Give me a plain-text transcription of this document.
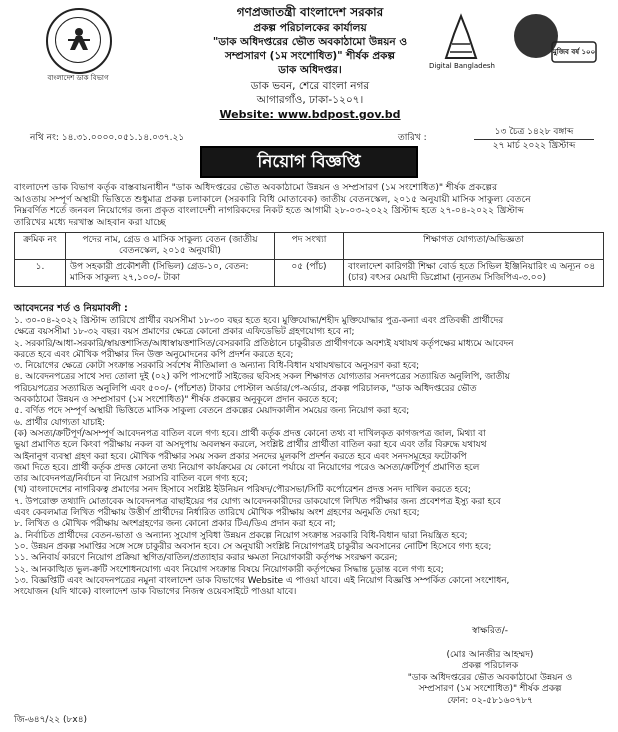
বাংলাদেশ ডাক বিভাগ
গণপ্রজাতন্ত্রী বাংলাদেশ সরকার
প্রকল্প পরিচালকের কার্যালয়
"ডাক অধিদপ্তরের ভৌত অবকাঠামো উন্নয়ন ও
সম্প্রসারণ (১ম সংশোধিত)" শীর্ষক প্রকল্প
ডাক অধিদপ্তর।
ডাক ভবন, শেরে বাংলা নগর
আগারগাঁও, ঢাকা-১২০৭।
Website: www.bdpost.gov.bd
Digital Bangladesh
মুজিব বর্ষ ১০০
নথি নং: ১৪.৩১.০০০০.০৫১.১৪.০৩৭.২১	তারিখ :
১৩ চৈত্র ১৪২৮ বঙ্গাব্দ
২৭ মার্চ ২০২২ খ্রিস্টাব্দ
নিয়োগ বিজ্ঞপ্তি
বাংলাদেশ ডাক বিভাগ কর্তৃক বাস্তবায়নাধীন "ডাক অধিদপ্তরের ভৌত অবকাঠামো উন্নয়ন ও সম্প্রসারণ (১ম সংশোধিত)" শীর্ষক প্রকল্পের
আওতায় সম্পূর্ণ অস্থায়ী ভিত্তিতে শুধুমাত্র প্রকল্প চলাকালে (সরকারি বিধি মোতাবেক) জাতীয় বেতনস্কেল, ২০১৫ অনুযায়ী মাসিক সাকুল্য বেতনে
নিম্নবর্ণিত শর্তে জনবল নিয়োগের জন্য প্রকৃত বাংলাদেশী নাগরিকদের নিকট হতে আগামী ২৮-০৩-২০২২ খ্রিস্টাব্দ হতে ২৭-০৪-২০২২ খ্রিস্টাব্দ
তারিখের মধ্যে দরখাস্ত আহবান করা যাচ্ছে
ক্রমিক নং	পদের নাম, গ্রেড ও মাসিক সাকুল্য বেতন (জাতীয় বেতনস্কেল, ২০১৫ অনুযায়ী)	পদ সংখ্যা	শিক্ষাগত যোগ্যতা/অভিজ্ঞতা
১.	উপ সহকারী প্রকৌশলী (সিভিল) গ্রেড-১০, বেতন: মাসিক সাকুল্য ২৭,১০০/- টাকা	০৫ (পাঁচ)	বাংলাদেশ কারিগরী শিক্ষা বোর্ড হতে সিভিল ইঞ্জিনিয়ারিং এ অন্যূন ০৪ (চার) বৎসর মেয়াদী ডিপ্লোমা (ন্যূনতম সিজিপিএ-৩.০০)
আবেদনের শর্ত ও নিয়মাবলী :
১. ৩০-০৪-২০২২ খ্রিস্টাব্দ তারিখে প্রার্থীর বয়সসীমা ১৮-৩০ বছর হতে হবে। মুক্তিযোদ্ধা/শহীদ মুক্তিযোদ্ধার পুত্র-কন্যা এবং প্রতিবন্ধী প্রার্থীদের
ক্ষেত্রে বয়সসীমা ১৮-৩২ বছর। বয়স প্রমাণের ক্ষেত্রে কোনো প্রকার এফিডেভিট গ্রহণযোগ্য হবে না;
২. সরকারি/আধা-সরকারি/স্বায়ত্তশাসিত/আধাস্বায়ত্তশাসিত/বেসরকারি প্রতিষ্ঠানে চাকুরীরত প্রার্থীগণকে অবশ্যই যথাযথ কর্তৃপক্ষের মাধ্যমে আবেদন
করতে হবে এবং মৌখিক পরীক্ষার দিন উক্ত অনুমোদনের কপি প্রদর্শন করতে হবে;
৩. নিয়োগের ক্ষেত্রে কোটা সংক্রান্ত সরকারি সর্বশেষ নীতিমালা ও অন্যান্য বিধি-বিধান যথাযথভাবে অনুসরণ করা হবে;
৪. আবেদনপত্রের সাথে সদ্য তোলা দুই (০২) কপি পাসপোর্ট সাইজের ছবিসহ সকল শিক্ষাগত যোগ্যতার সনদপত্রের সত্যায়িত অনুলিপি, জাতীয়
পরিচয়পত্রের সত্যায়িত অনুলিপি এবং ৫০০/- (পাঁচশত) টাকার পোস্টাল অর্ডার/পে-অর্ডার, প্রকল্প পরিচালক, "ডাক অধিদপ্তরের ভৌত
অবকাঠামো উন্নয়ন ও সম্প্রসারণ (১ম সংশোধিত)" শীর্ষক প্রকল্পের অনুকূলে প্রদান করতে হবে;
৫. বর্ণিত পদে সম্পূর্ণ অস্থায়ী ভিত্তিতে মাসিক সাকুল্য বেতনে প্রকল্পের মেয়াদকালীন সময়ের জন্য নিয়োগ করা হবে;
৬. প্রার্থীর যোগ্যতা যাচাই:
(ক) অসত্য/ক্রটিপূর্ণ/অসম্পূর্ণ আবেদনপত্র বাতিল বলে গণ্য হবে। প্রার্থী কর্তৃক প্রদত্ত কোনো তথ্য বা দাখিলকৃত কাগজপত্র জাল, মিথ্যা বা
ভুয়া প্রমাণিত হলে কিংবা পরীক্ষায় নকল বা অসদুপায় অবলম্বন করলে, সংশ্লিষ্ট প্রার্থীর প্রার্থীতা বাতিল করা হবে এবং তাঁর বিরুদ্ধে যথাযথ
আইনানুগ ব্যবস্থা গ্রহণ করা হবে। মৌখিক পরীক্ষার সময় সকল প্রকার সনদের মূলকপি প্রদর্শন করতে হবে এবং সনদসমূহের ফটোকপি
জমা দিতে হবে। প্রার্থী কর্তৃক প্রদত্ত কোনো তথ্য নিয়োগ কার্যক্রমের যে কোনো পর্যায়ে বা নিয়োগের পরেও অসত্য/ক্রটিপূর্ণ প্রমাণিত হলে
তার আবেদনপত্র/নির্বাচন বা নিয়োগ সরাসরি বাতিল বলে গণ্য হবে;
(খ) বাংলাদেশের নাগরিকত্ব প্রমাণের সনদ হিসাবে সংশ্লিষ্ট ইউনিয়ন পরিষদ/পৌরসভা/সিটি কর্পোরেশন প্রদত্ত সনদ দাখিল করতে হবে;
৭. উপরোক্ত তথ্যাদি মোতাবেক আবেদনপত্র বাছাইয়ের পর যোগ্য আবেদনকারীদের ডাকযোগে লিখিত পরীক্ষার জন্য প্রবেশপত্র ইস্যু করা হবে
এবং কেবলমাত্র লিখিত পরীক্ষায় উত্তীর্ণ প্রার্থীদের নির্ধারিত তারিখে মৌখিক পরীক্ষায় অংশ গ্রহণের অনুমতি দেয়া হবে;
৮. লিখিত ও মৌখিক পরীক্ষায় অংশগ্রহণের জন্য কোনো প্রকার টিএ/ডিএ প্রদান করা হবে না;
৯. নির্বাচিত প্রার্থীদের বেতন-ভাতা ও অন্যান্য সুযোগ সুবিধা উন্নয়ন প্রকল্পে নিয়োগ সংক্রান্ত সরকারি বিধি-বিধান দ্বারা নিয়ন্ত্রিত হবে;
১০. উন্নয়ন প্রকল্প সমাপ্তির সঙ্গে সঙ্গে চাকুরীর অবসান হবে। সে অনুযায়ী সংশ্লিষ্ট নিয়োগপত্রই চাকুরীর অবসানের নোটিশ হিসেবে গণ্য হবে;
১১. অনিবার্য কারণে নিয়োগ প্রক্রিয়া স্থগিত/বাতিল/প্রত্যাহার করার ক্ষমতা নিয়োগকারী কর্তৃপক্ষ সংরক্ষণ করেন;
১২. আনকাঙ্খিত ভুল-ক্রটি সংশোধনযোগ্য এবং নিয়োগ সংক্রান্ত বিষয়ে নিয়োগকারী কর্তৃপক্ষের সিদ্ধান্ত চূড়ান্ত বলে গণ্য হবে;
১৩. বিজ্ঞপ্তিটি এবং আবেদনপত্রের নমুনা বাংলাদেশ ডাক বিভাগের Website এ পাওয়া যাবে। এই নিয়োগ বিজ্ঞপ্তি সম্পর্কিত কোনো সংশোধন,
সংযোজন (যদি থাকে) বাংলাদেশ ডাক বিভাগের নিজস্ব ওয়েবসাইটে পাওয়া যাবে।
স্বাক্ষরিত/-
(মোঃ আনজীর আহম্মদ)
প্রকল্প পরিচালক
"ডাক অধিদপ্তরের ভৌত অবকাঠামো উন্নয়ন ও
সম্প্রসারণ (১ম সংশোধিত)" শীর্ষক প্রকল্প
ফোন: ০২-৫৮১৬০৭৮৭
জি-৬৪৭/২২ (৮x৪)
